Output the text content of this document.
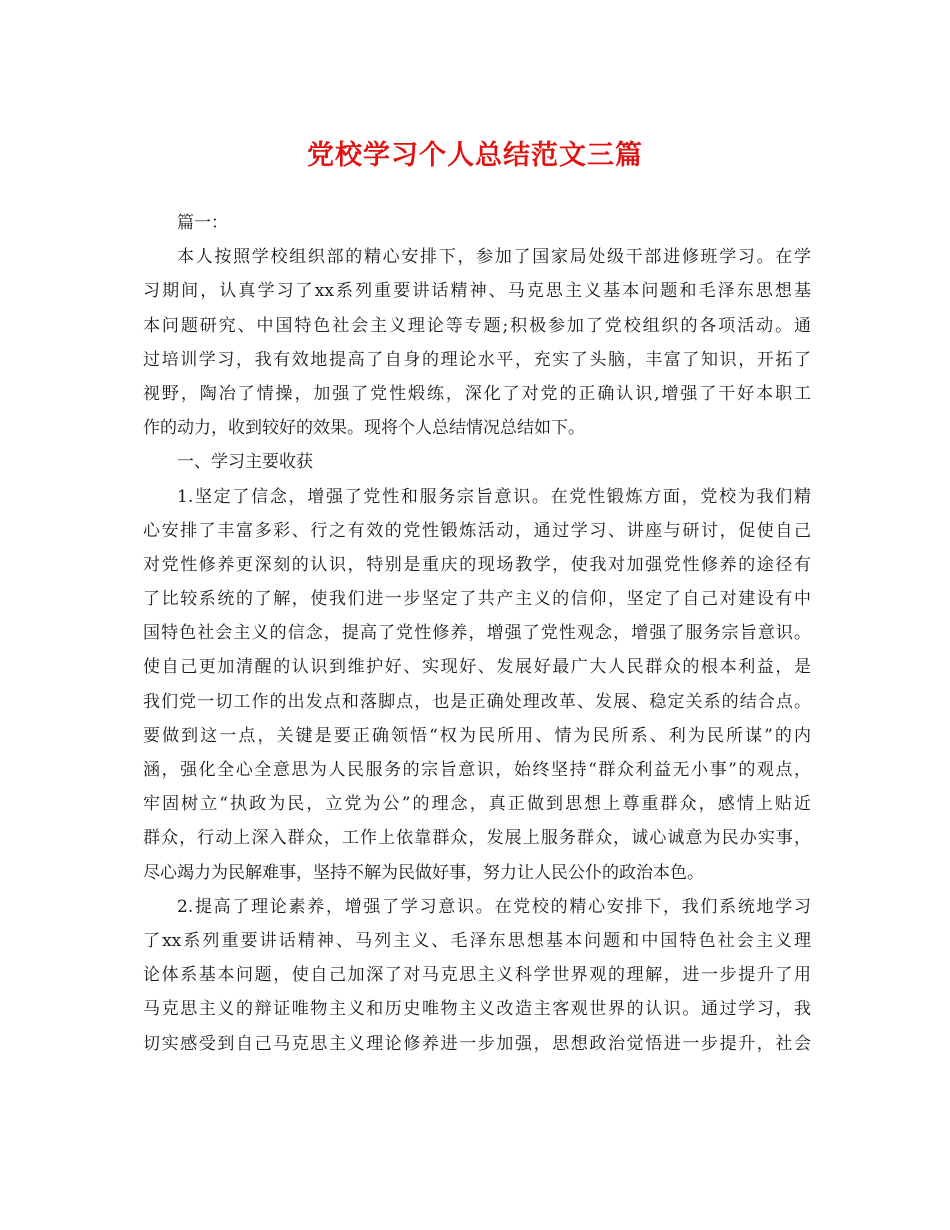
党校学习个人总结范文三篇
篇一：
本人按照学校组织部的精心安排下，参加了国家局处级干部进修班学习。在学
习期间，认真学习了xx系列重要讲话精神、马克思主义基本问题和毛泽东思想基
本问题研究、中国特色社会主义理论等专题;积极参加了党校组织的各项活动。通
过培训学习，我有效地提高了自身的理论水平，充实了头脑，丰富了知识，开拓了
视野，陶冶了情操，加强了党性煅练，深化了对党的正确认识,增强了干好本职工
作的动力，收到较好的效果。现将个人总结情况总结如下。
一、学习主要收获
1.坚定了信念，增强了党性和服务宗旨意识。在党性锻炼方面，党校为我们精
心安排了丰富多彩、行之有效的党性锻炼活动，通过学习、讲座与研讨，促使自己
对党性修养更深刻的认识，特别是重庆的现场教学，使我对加强党性修养的途径有
了比较系统的了解，使我们进一步坚定了共产主义的信仰，坚定了自己对建设有中
国特色社会主义的信念，提高了党性修养，增强了党性观念，增强了服务宗旨意识。
使自己更加清醒的认识到维护好、实现好、发展好最广大人民群众的根本利益，是
我们党一切工作的出发点和落脚点，也是正确处理改革、发展、稳定关系的结合点。
要做到这一点，关键是要正确领悟“权为民所用、情为民所系、利为民所谋”的内
涵，强化全心全意思为人民服务的宗旨意识，始终坚持“群众利益无小事”的观点，
牢固树立“执政为民，立党为公”的理念，真正做到思想上尊重群众，感情上贴近
群众，行动上深入群众，工作上依靠群众，发展上服务群众，诚心诚意为民办实事，
尽心竭力为民解难事，坚持不解为民做好事，努力让人民公仆的政治本色。
2.提高了理论素养，增强了学习意识。在党校的精心安排下，我们系统地学习
了xx系列重要讲话精神、马列主义、毛泽东思想基本问题和中国特色社会主义理
论体系基本问题，使自己加深了对马克思主义科学世界观的理解，进一步提升了用
马克思主义的辩证唯物主义和历史唯物主义改造主客观世界的认识。通过学习，我
切实感受到自己马克思主义理论修养进一步加强，思想政治觉悟进一步提升，社会
